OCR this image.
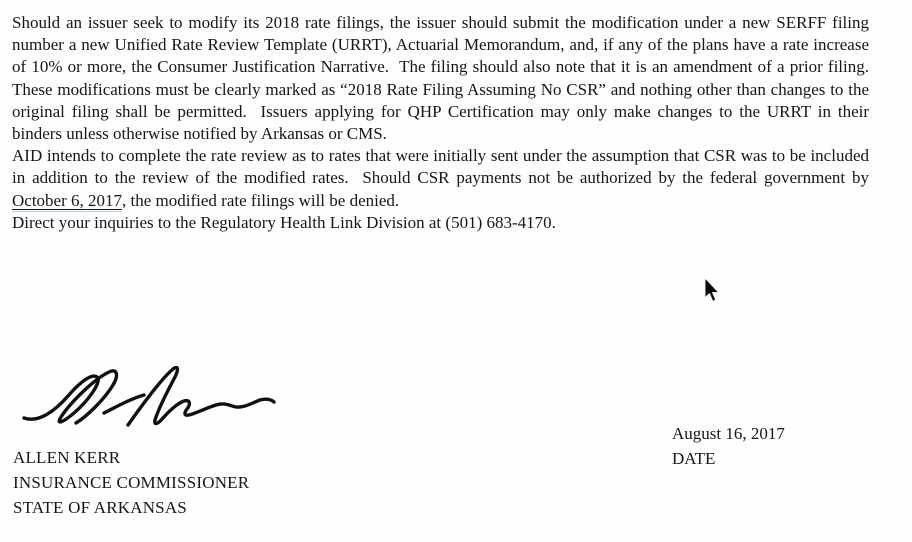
Should an issuer seek to modify its 2018 rate filings, the issuer should submit the modification under a new SERFF filing number a new Unified Rate Review Template (URRT), Actuarial Memorandum, and, if any of the plans have a rate increase of 10% or more, the Consumer Justification Narrative.  The filing should also note that it is an amendment of a prior filing.  These modifications must be clearly marked as “2018 Rate Filing Assuming No CSR” and nothing other than changes to the original filing shall be permitted.  Issuers applying for QHP Certification may only make changes to the URRT in their binders unless otherwise notified by Arkansas or CMS.

AID intends to complete the rate review as to rates that were initially sent under the assumption that CSR was to be included in addition to the review of the modified rates.  Should CSR payments not be authorized by the federal government by October 6, 2017, the modified rate filings will be denied.

Direct your inquiries to the Regulatory Health Link Division at (501) 683-4170.

ALLEN KERR
INSURANCE COMMISSIONER
STATE OF ARKANSAS
August 16, 2017
DATE
